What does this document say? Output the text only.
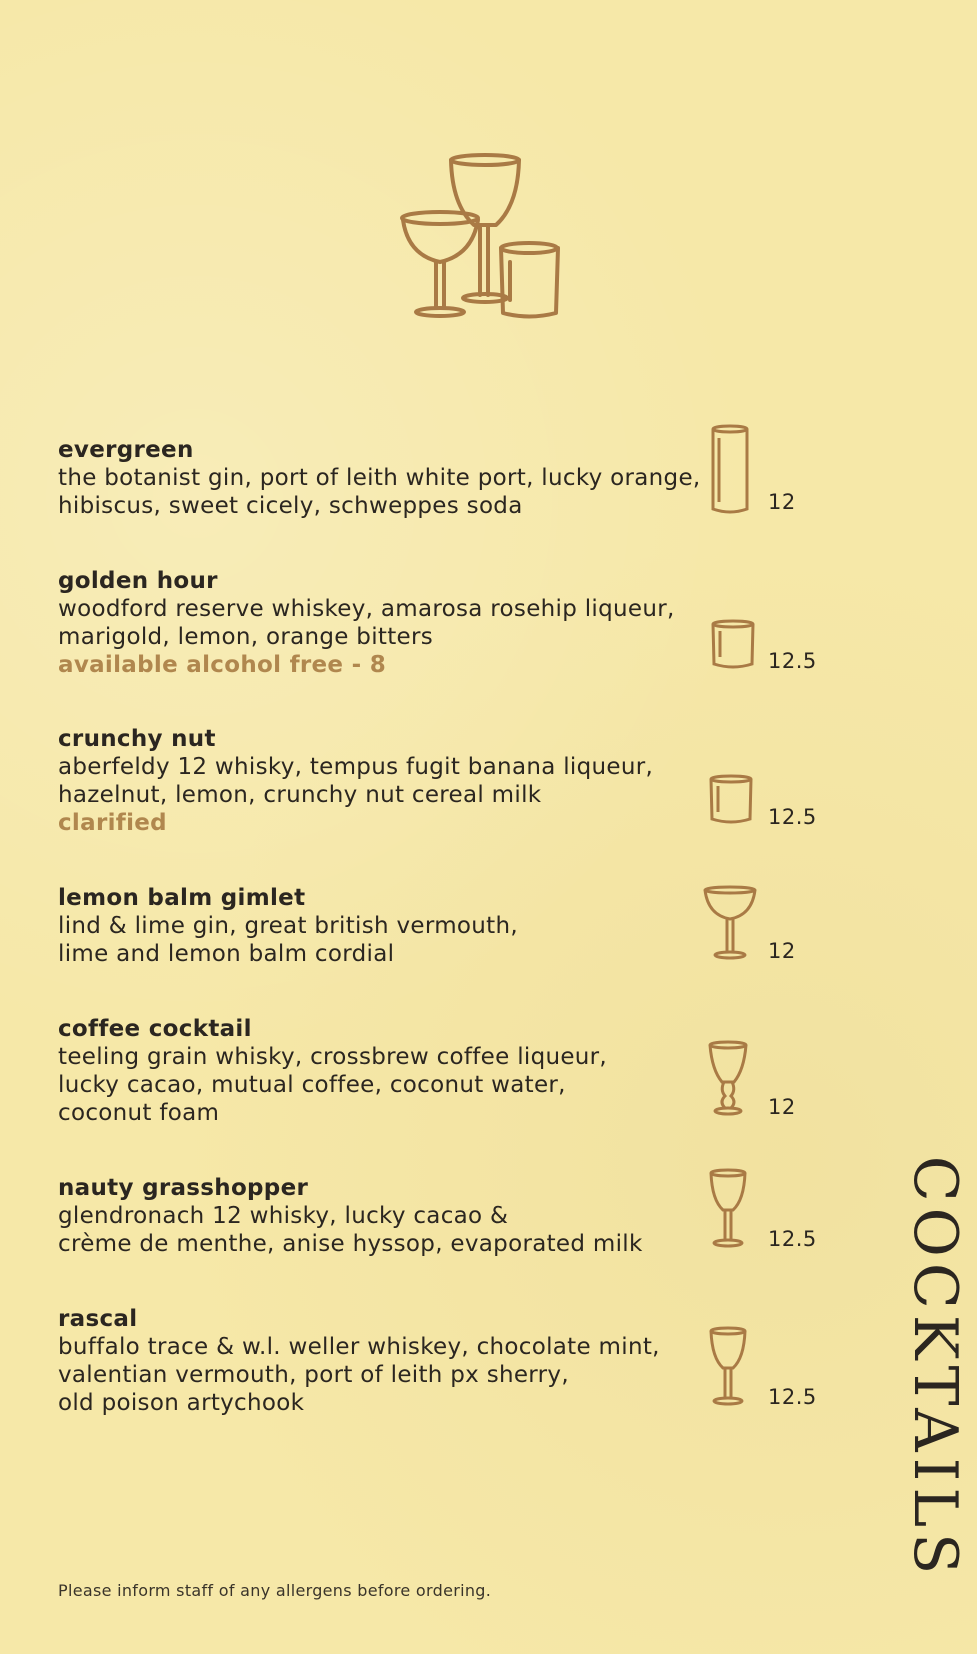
evergreen
the botanist gin, port of leith white port, lucky orange,
hibiscus, sweet cicely, schweppes soda	12
golden hour
woodford reserve whiskey, amarosa rosehip liqueur,
marigold, lemon, orange bitters
available alcohol free - 8	12.5
crunchy nut
aberfeldy 12 whisky, tempus fugit banana liqueur,
hazelnut, lemon, crunchy nut cereal milk
clarified	12.5
lemon balm gimlet
lind & lime gin, great british vermouth,
lime and lemon balm cordial	12
coffee cocktail
teeling grain whisky, crossbrew coffee liqueur,
lucky cacao, mutual coffee, coconut water,
coconut foam	12
nauty grasshopper
glendronach 12 whisky, lucky cacao &
crème de menthe, anise hyssop, evaporated milk	12.5
rascal
buffalo trace & w.l. weller whiskey, chocolate mint,
valentian vermouth, port of leith px sherry,
old poison artychook	12.5
Please inform staff of any allergens before ordering.
COCKTAILS
